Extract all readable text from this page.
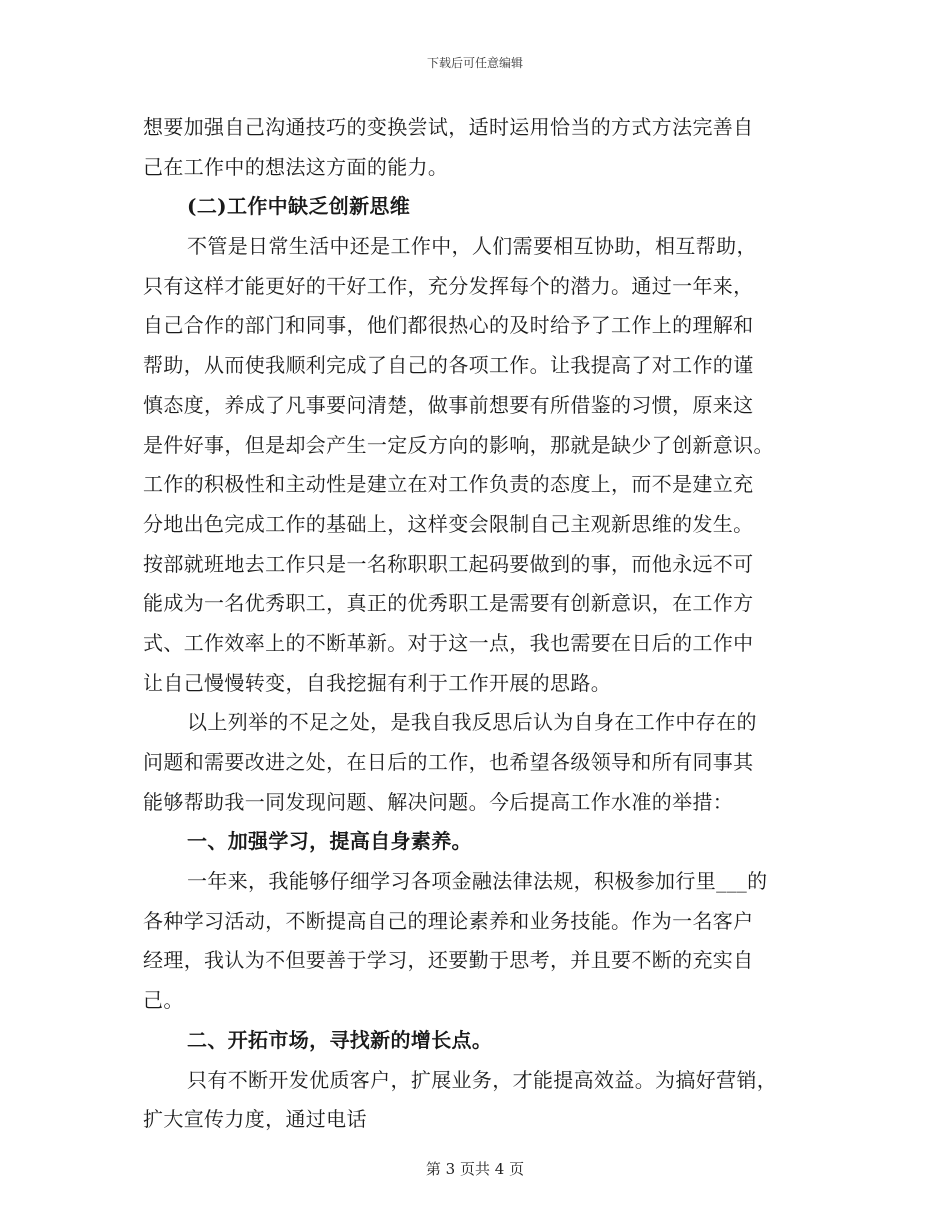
下载后可任意编辑
想要加强自己沟通技巧的变换尝试，适时运用恰当的方式方法完善自
己在工作中的想法这方面的能力。
(二)工作中缺乏创新思维
不管是日常生活中还是工作中，人们需要相互协助，相互帮助，
只有这样才能更好的干好工作，充分发挥每个的潜力。通过一年来，
自己合作的部门和同事，他们都很热心的及时给予了工作上的理解和
帮助，从而使我顺利完成了自己的各项工作。让我提高了对工作的谨
慎态度，养成了凡事要问清楚，做事前想要有所借鉴的习惯，原来这
是件好事，但是却会产生一定反方向的影响，那就是缺少了创新意识。
工作的积极性和主动性是建立在对工作负责的态度上，而不是建立充
分地出色完成工作的基础上，这样变会限制自己主观新思维的发生。
按部就班地去工作只是一名称职职工起码要做到的事，而他永远不可
能成为一名优秀职工，真正的优秀职工是需要有创新意识，在工作方
式、工作效率上的不断革新。对于这一点，我也需要在日后的工作中
让自己慢慢转变，自我挖掘有利于工作开展的思路。
以上列举的不足之处，是我自我反思后认为自身在工作中存在的
问题和需要改进之处，在日后的工作，也希望各级领导和所有同事其
能够帮助我一同发现问题、解决问题。今后提高工作水准的举措：
一、加强学习，提高自身素养。
一年来，我能够仔细学习各项金融法律法规，积极参加行里___的
各种学习活动，不断提高自己的理论素养和业务技能。作为一名客户
经理，我认为不但要善于学习，还要勤于思考，并且要不断的充实自
己。
二、开拓市场，寻找新的增长点。
只有不断开发优质客户，扩展业务，才能提高效益。为搞好营销，
扩大宣传力度，通过电话
第 3 页共 4 页
